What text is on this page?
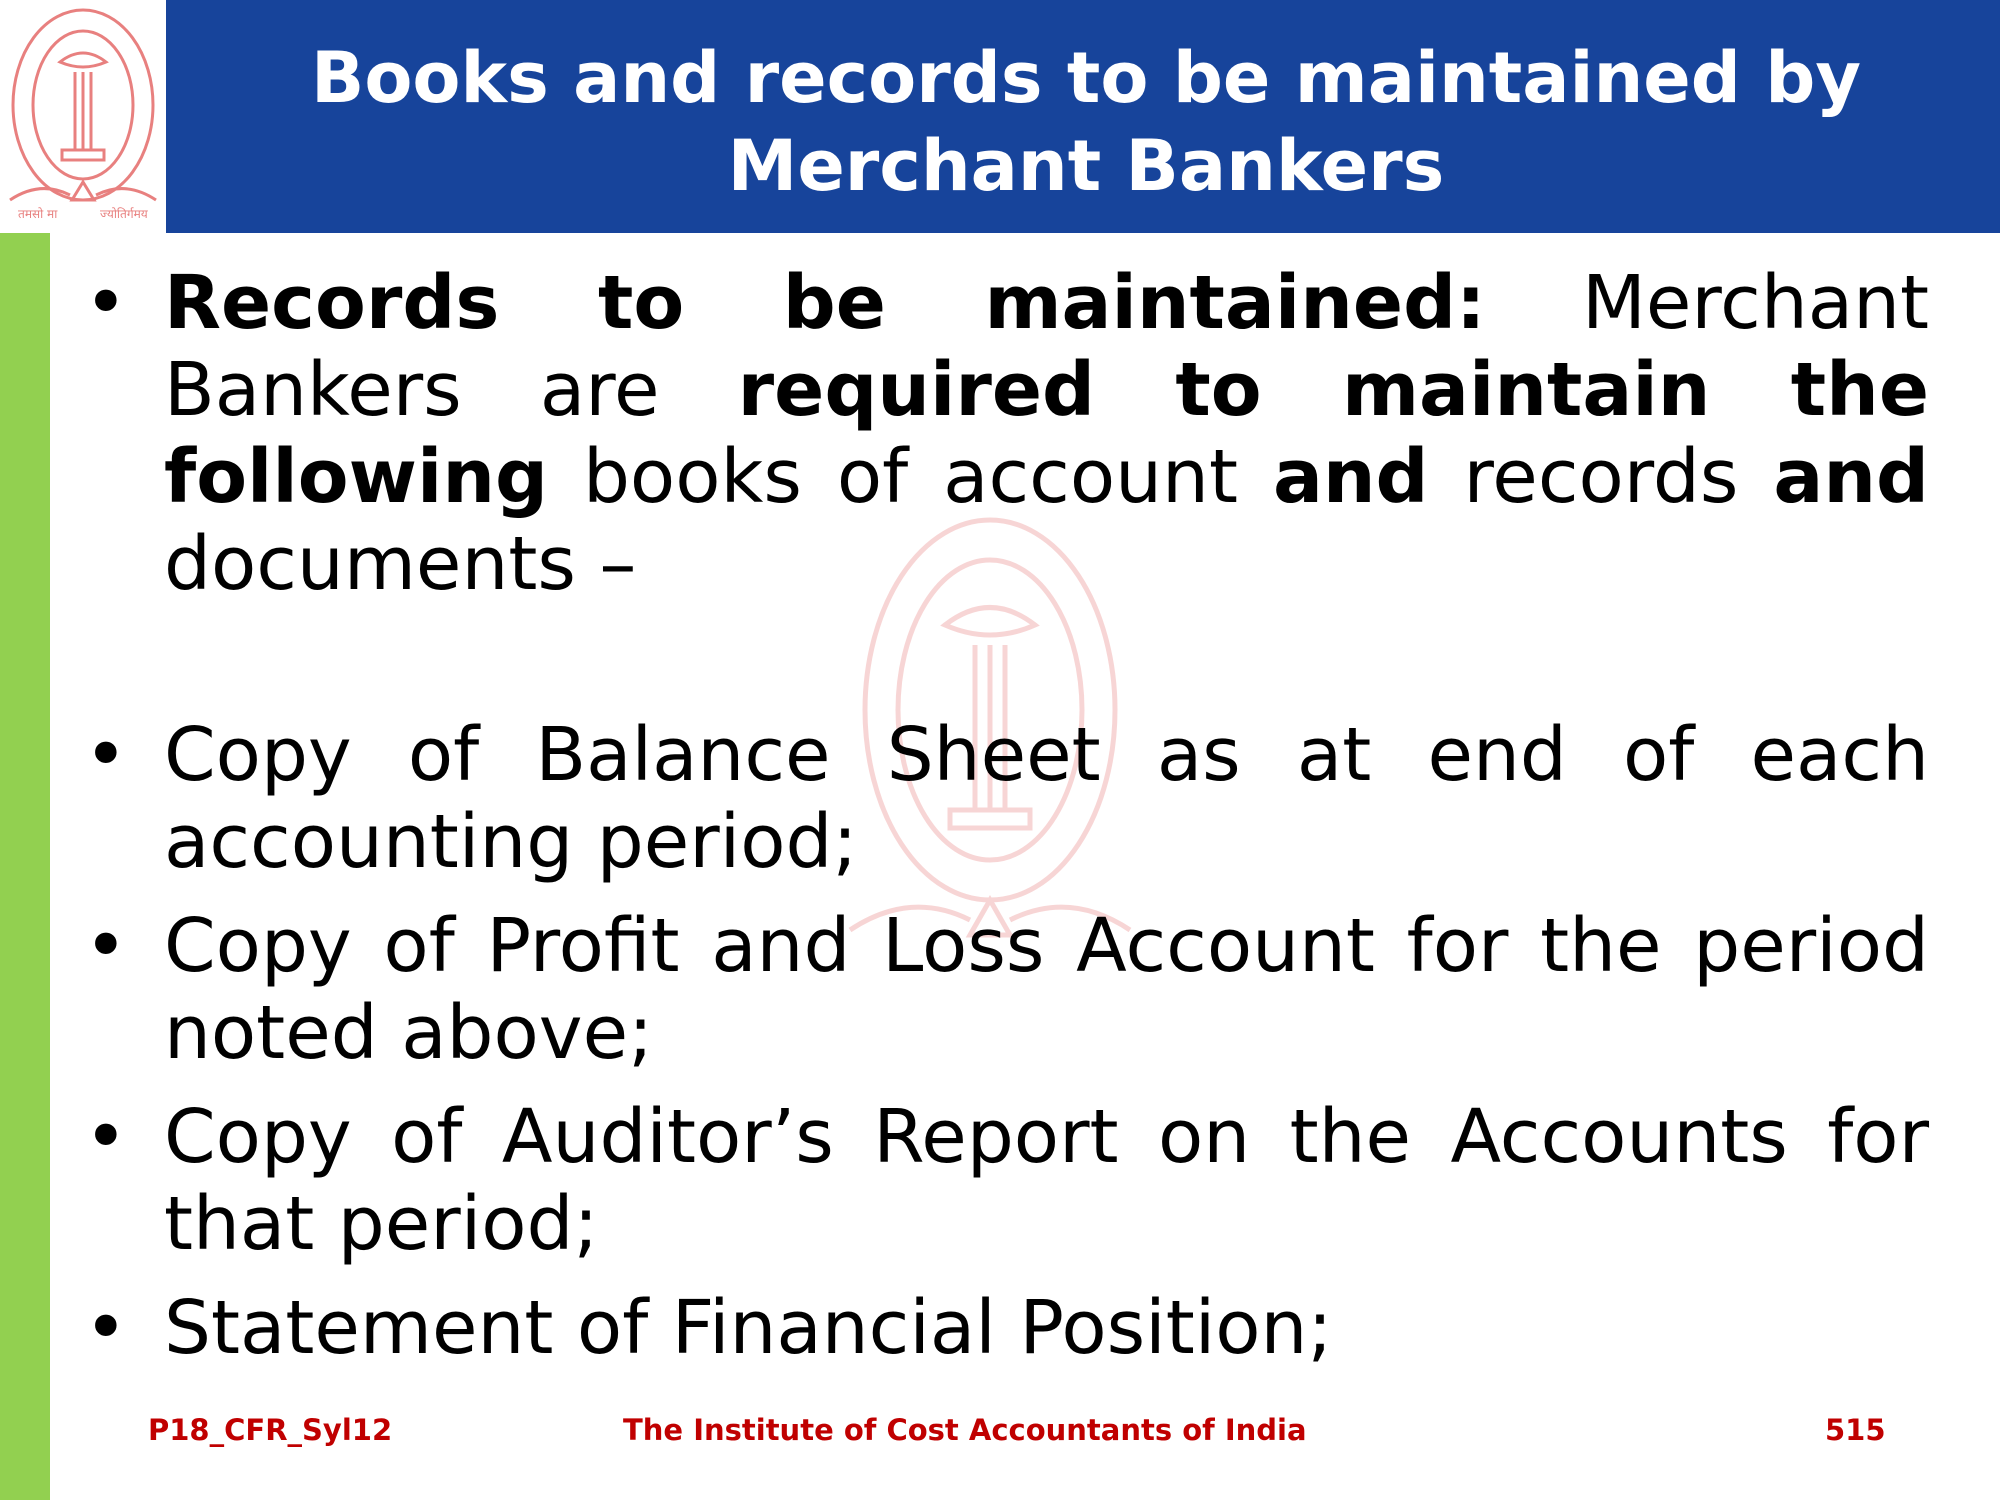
Books and records to be maintained by Merchant Bankers
तमसो मा	ज्योतिर्गमय
• Records to be maintained: Merchant Bankers are required to maintain the following books of account and records and documents –
• Copy of Balance Sheet as at end of each accounting period;
• Copy of Profit and Loss Account for the period noted above;
• Copy of Auditor’s Report on the Accounts for that period;
• Statement of Financial Position;
P18_CFR_Syl12	The Institute of Cost Accountants of India	515
